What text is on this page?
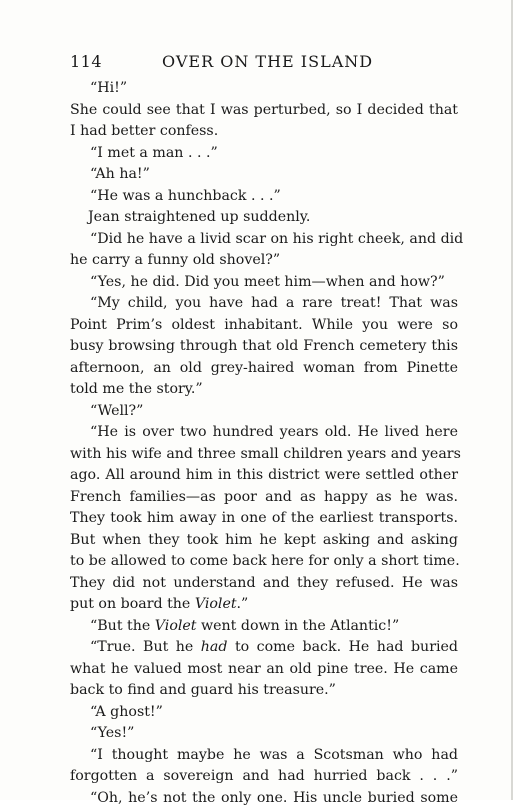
114	OVER ON THE ISLAND
“Hi!”
She could see that I was perturbed, so I decided that
I had better confess.
“I met a man . . .”
“Ah ha!”
“He was a hunchback . . .”
Jean straightened up suddenly.
“Did he have a livid scar on his right cheek, and did
he carry a funny old shovel?”
“Yes, he did. Did you meet him—when and how?”
“My child, you have had a rare treat! That was
Point Prim’s oldest inhabitant. While you were so
busy browsing through that old French cemetery this
afternoon, an old grey-haired woman from Pinette
told me the story.”
“Well?”
“He is over two hundred years old. He lived here
with his wife and three small children years and years
ago. All around him in this district were settled other
French families—as poor and as happy as he was.
They took him away in one of the earliest transports.
But when they took him he kept asking and asking
to be allowed to come back here for only a short time.
They did not understand and they refused. He was
put on board the Violet.”
“But the Violet went down in the Atlantic!”
“True. But he had to come back. He had buried
what he valued most near an old pine tree. He came
back to find and guard his treasure.”
“A ghost!”
“Yes!”
“I thought maybe he was a Scotsman who had
forgotten a sovereign and had hurried back . . .”
“Oh, he’s not the only one. His uncle buried some
